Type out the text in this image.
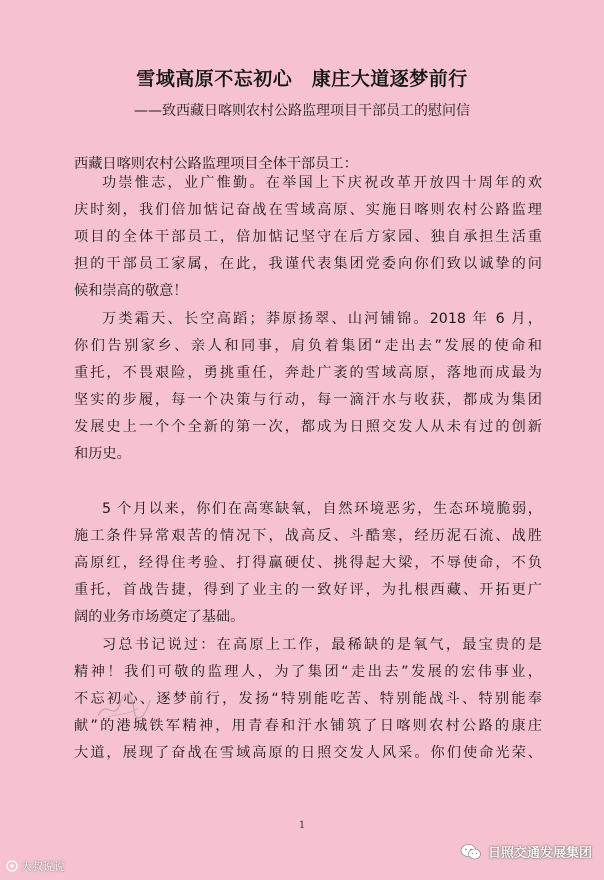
雪域高原不忘初心　康庄大道逐梦前行
——致西藏日喀则农村公路监理项目干部员工的慰问信
西藏日喀则农村公路监理项目全体干部员工：
功崇惟志，业广惟勤。在举国上下庆祝改革开放四十周年的欢
庆时刻，我们倍加惦记奋战在雪域高原、实施日喀则农村公路监理
项目的全体干部员工，倍加惦记坚守在后方家园、独自承担生活重
担的干部员工家属，在此，我谨代表集团党委向你们致以诚挚的问
候和崇高的敬意！
万类霜天、长空高蹈；莽原扬翠、山河铺锦。2018 年 6 月，
你们告别家乡、亲人和同事，肩负着集团“走出去”发展的使命和
重托，不畏艰险，勇挑重任，奔赴广袤的雪域高原，落地而成最为
坚实的步履，每一个决策与行动，每一滴汗水与收获，都成为集团
发展史上一个个全新的第一次，都成为日照交发人从未有过的创新
和历史。
5 个月以来，你们在高寒缺氧，自然环境恶劣，生态环境脆弱，
施工条件异常艰苦的情况下，战高反、斗酷寒，经历泥石流、战胜
高原红，经得住考验、打得赢硬仗、挑得起大梁，不辱使命，不负
重托，首战告捷，得到了业主的一致好评，为扎根西藏、开拓更广
阔的业务市场奠定了基础。
习总书记说过：在高原上工作，最稀缺的是氧气，最宝贵的是
精神！我们可敬的监理人，为了集团“走出去”发展的宏伟事业，
不忘初心、逐梦前行，发扬“特别能吃苦、特别能战斗、特别能奉
献”的港城铁军精神，用青春和汗水铺筑了日喀则农村公路的康庄
大道，展现了奋战在雪域高原的日照交发人风采。你们使命光荣、
1
大叔说说
日照交通发展集团
